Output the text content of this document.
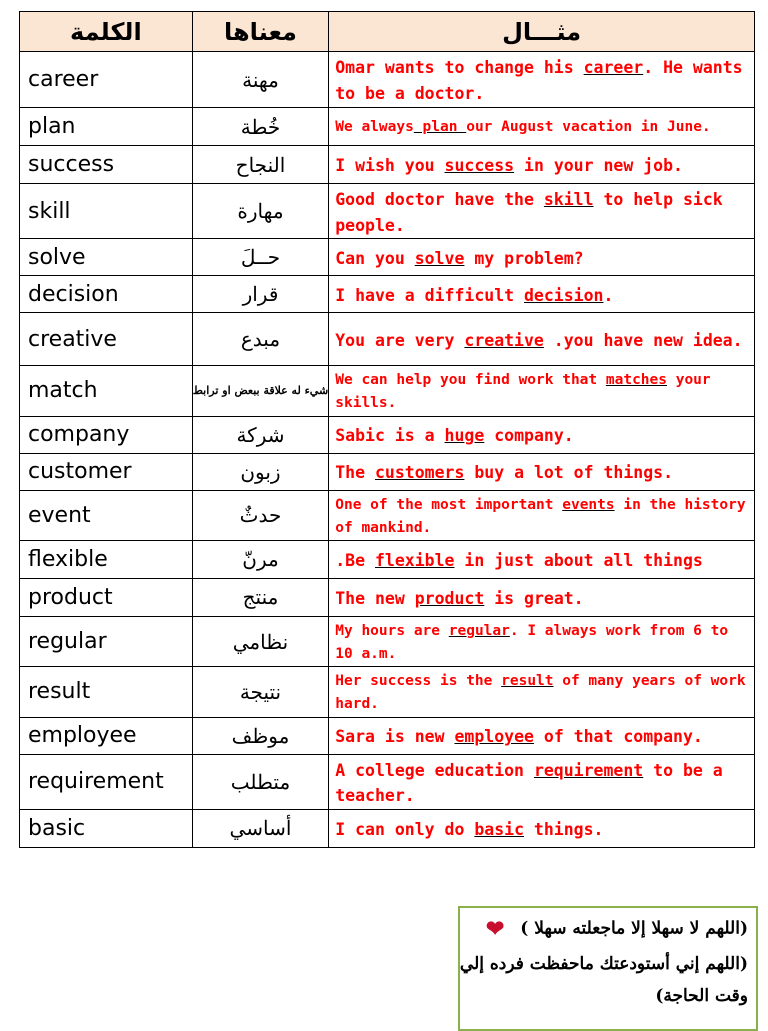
الكلمة	معناها	مثـــال
career	مهنة	Omar wants to change his career. He wants to be a doctor.
plan	خُطة	We always plan our August vacation in June.
success	النجاح	I wish you success in your new job.
skill	مهارة	Good doctor have the skill to help sick people.
solve	حــلَ	Can you solve my problem?
decision	قرار	I have a difficult decision.
creative	مبدع	You are very creative .you have new idea.
match	شيء له علاقة ببعض او ترابط	We can help you find work that matches your skills.
company	شركة	Sabic is a huge company.
customer	زبون	The customers buy a lot of things.
event	حدثٌ	One of the most important events in the history of mankind.
flexible	مرنّ	.Be flexible in just about all things
product	منتج	The new product is great.
regular	نظامي	My hours are regular. I always work from 6 to 10 a.m.
result	نتيجة	Her success is the result of many years of work hard.
employee	موظف	Sara is new employee of that company.
requirement	متطلب	A college education requirement to be a teacher.
basic	أساسي	I can only do basic things.
(اللهم لا سهلا إلا ماجعلته سهلا ) ❤
(اللهم إني أستودعتك ماحفظت فرده إلي
وقت الحاجة)
